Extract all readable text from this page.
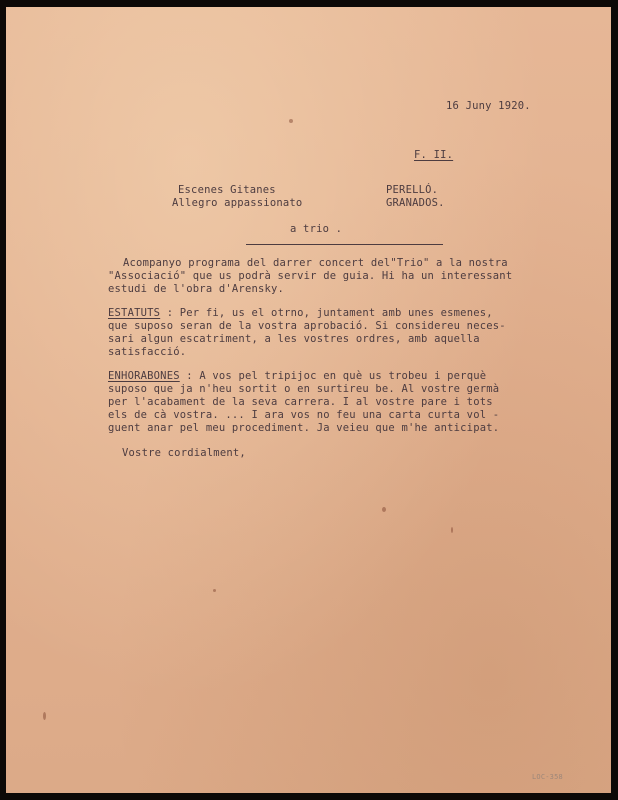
16 Juny 1920.
F. II.
Escenes Gitanes
Allegro appassionato
PERELLÓ.
GRANADOS.
a trio .
Acompanyo programa del darrer concert del"Trio" a la nostra
"Associació" que us podrà servir de guia. Hi ha un interessant
estudi de l'obra d'Arensky.
ESTATUTS : Per fi, us el otrno, juntament amb unes esmenes,
que suposo seran de la vostra aprobació. Si considereu neces-
sari algun escatriment, a les vostres ordres, amb aquella
satisfacció.
ENHORABONES : A vos pel tripijoc en què us trobeu i perquè
suposo que ja n'heu sortit o en surtireu be. Al vostre germà
per l'acabament de la seva carrera. I al vostre pare i tots
els de cà vostra. ... I ara vos no feu una carta curta vol -
guent anar pel meu procediment. Ja veieu que m'he anticipat.
Vostre cordialment,
LOC-358
